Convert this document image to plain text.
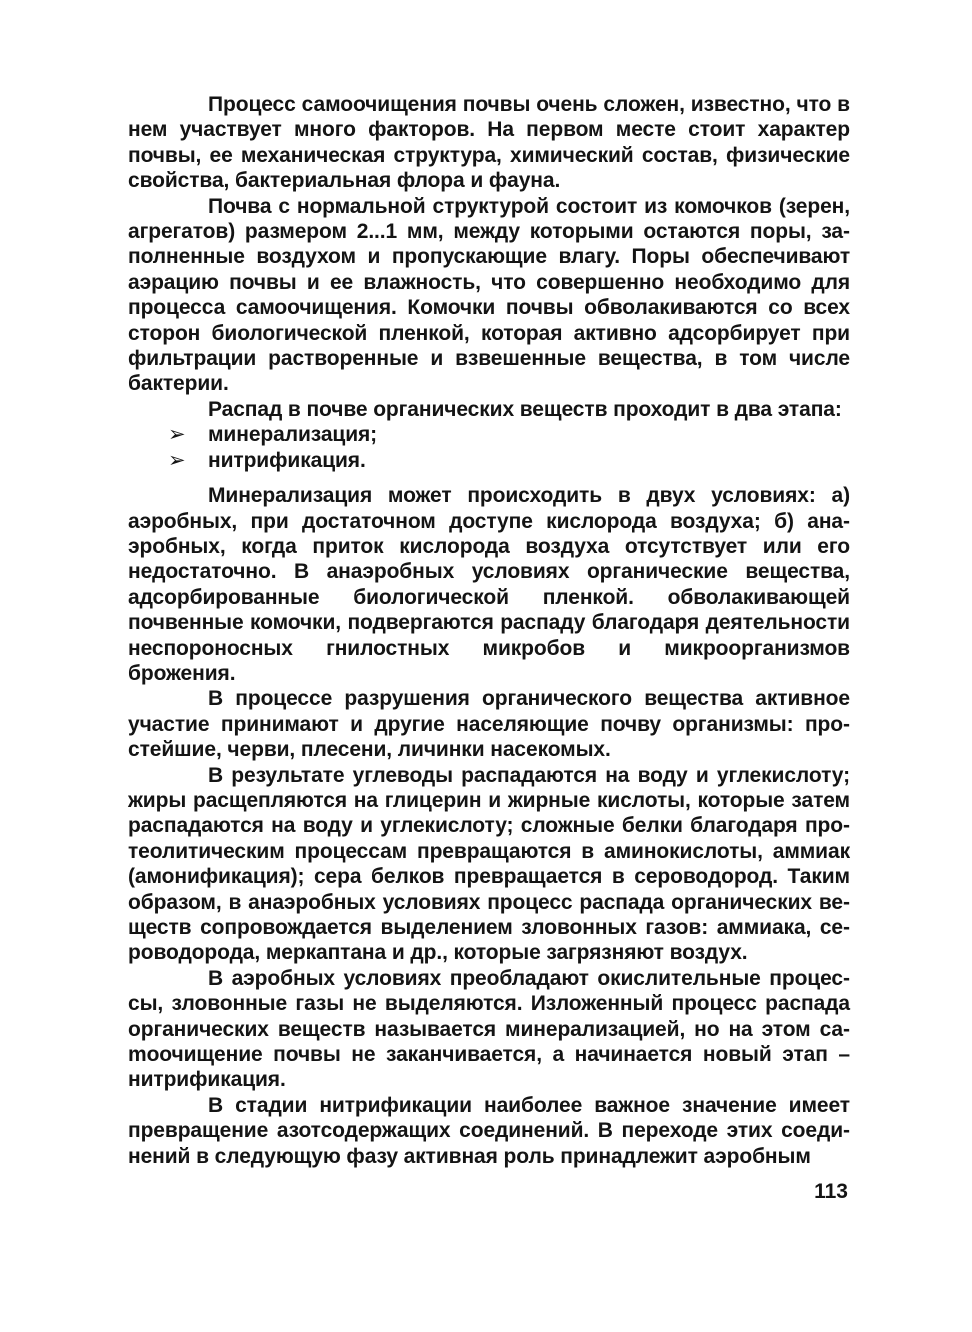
Процесс самоочищения почвы очень сложен, известно, что в нем участвует много факторов. На первом месте стоит характер почвы, ее механическая структура, химический состав, физические свойства, бактериальная флора и фауна.

Почва с нормальной структурой состоит из комочков (зерен, агрегатов) размером 2...1 мм, между которыми остаются поры, заполненные воздухом и пропускающие влагу. Поры обеспечивают аэрацию почвы и ее влажность, что совершенно необходимо для процесса самоочищения. Комочки почвы обволакиваются со всех сторон биологической пленкой, которая активно адсорбирует при фильтрации растворенные и взвешенные вещества, в том числе бактерии.

Распад в почве органических веществ проходит в два этапа:

➢ минерализация;
➢ нитрификация.

Минерализация может происходить в двух условиях: а) аэробных, при достаточном доступе кислорода воздуха; б) анаэробных, когда приток кислорода воздуха отсутствует или его недостаточно. В анаэробных условиях органические вещества, адсорбированные биологической пленкой. обволакивающей почвенные комочки, подвергаются распаду благодаря деятельности неспороносных гнилостных микробов и микроорганизмов брожения.

В процессе разрушения органического вещества активное участие принимают и другие населяющие почву организмы: простейшие, черви, плесени, личинки насекомых.

В результате углеводы распадаются на воду и углекислоту; жиры расщепляются на глицерин и жирные кислоты, которые затем распадаются на воду и углекислоту; сложные белки благодаря протеолитическим процессам превращаются в аминокислоты, аммиак (амонификация); сера белков превращается в сероводород. Таким образом, в анаэробных условиях процесс распада органических веществ сопровождается выделением зловонных газов: аммиака, сероводорода, меркаптана и др., которые загрязняют воздух.

В аэробных условиях преобладают окислительные процессы, зловонные газы не выделяются. Изложенный процесс распада органических веществ называется минерализацией, но на этом саmoочищение почвы не заканчивается, а начинается новый этап – нитрификация.

В стадии нитрификации наиболее важное значение имеет превращение азотсодержащих соединений. В переходе этих соединений в следующую фазу активная роль принадлежит аэробным

113
